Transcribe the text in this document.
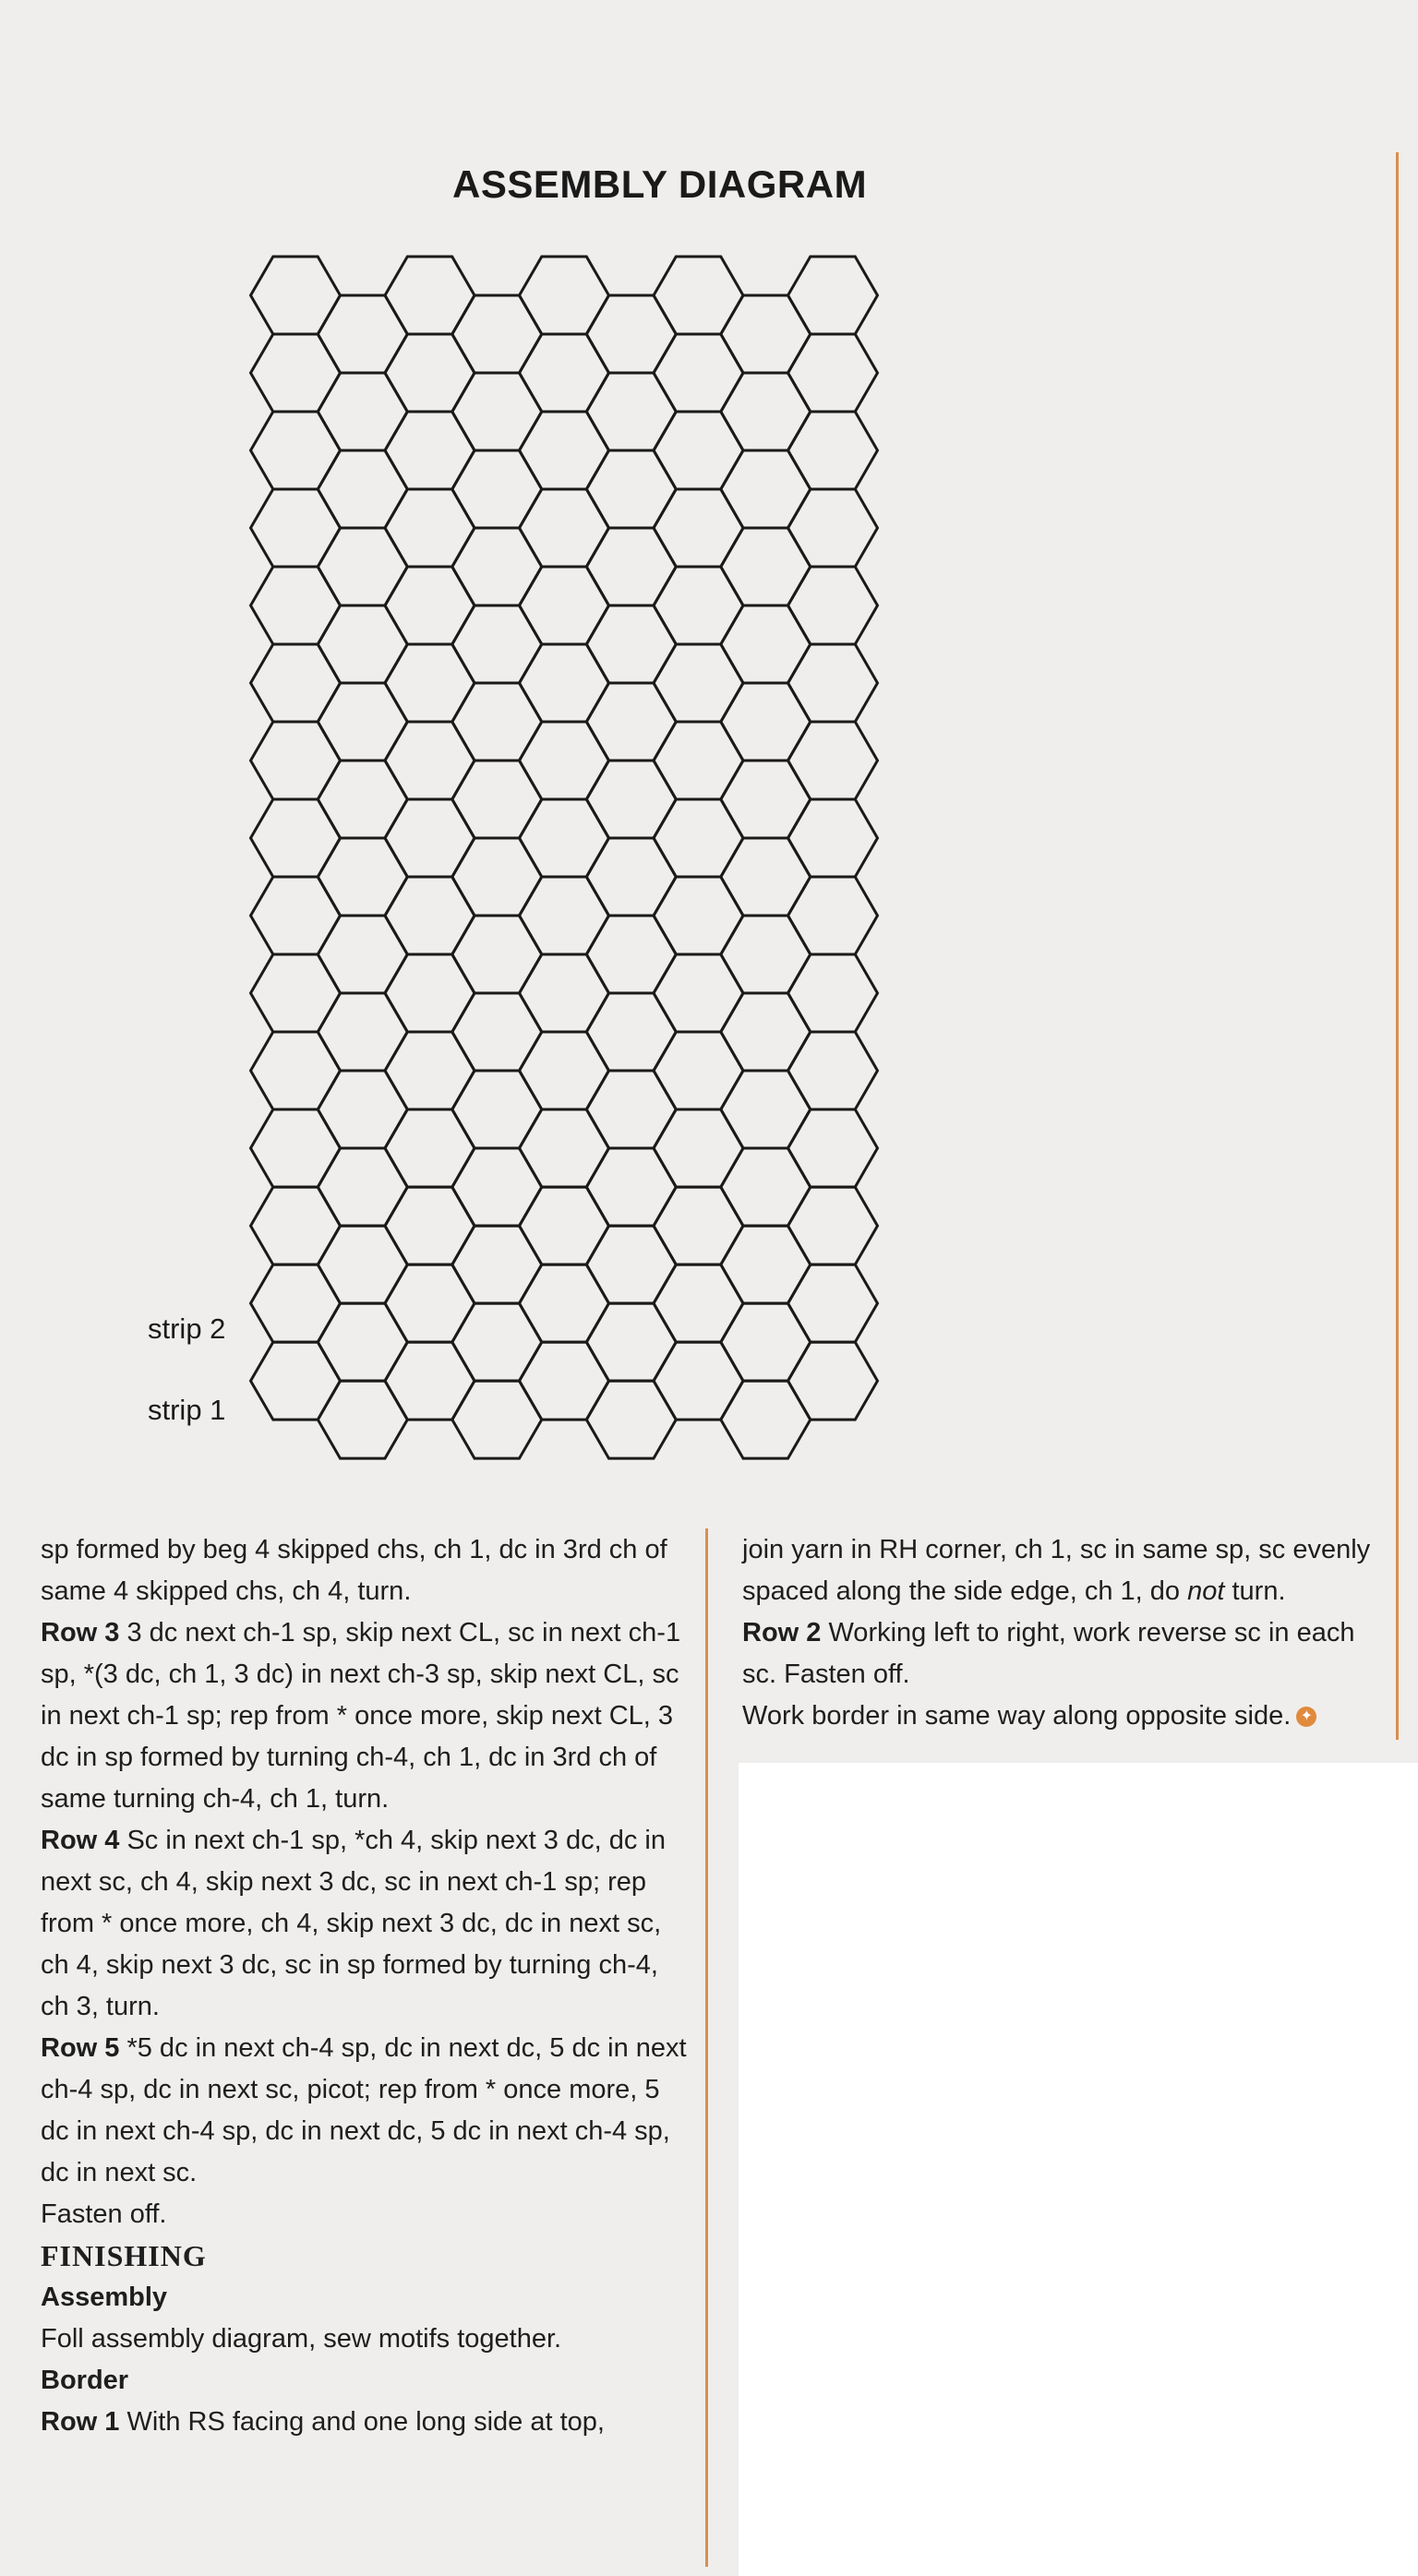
ASSEMBLY DIAGRAM
strip 2
strip 1

sp formed by beg 4 skipped chs, ch 1, dc in 3rd ch of same 4 skipped chs, ch 4, turn.

Row 3 3 dc next ch-1 sp, skip next CL, sc in next ch-1 sp, *(3 dc, ch 1, 3 dc) in next ch-3 sp, skip next CL, sc in next ch-1 sp; rep from * once more, skip next CL, 3 dc in sp formed by turning ch-4, ch 1, dc in 3rd ch of same turning ch-4, ch 1, turn.

Row 4 Sc in next ch-1 sp, *ch 4, skip next 3 dc, dc in next sc, ch 4, skip next 3 dc, sc in next ch-1 sp; rep from * once more, ch 4, skip next 3 dc, dc in next sc, ch 4, skip next 3 dc, sc in sp formed by turning ch-4, ch 3, turn.

Row 5 *5 dc in next ch-4 sp, dc in next dc, 5 dc in next ch-4 sp, dc in next sc, picot; rep from * once more, 5 dc in next ch-4 sp, dc in next dc, 5 dc in next ch-4 sp, dc in next sc.

Fasten off.

FINISHING

Assembly

Foll assembly diagram, sew motifs together.

Border

Row 1 With RS facing and one long side at top,

join yarn in RH corner, ch 1, sc in same sp, sc evenly spaced along the side edge, ch 1, do not turn.

Row 2 Working left to right, work reverse sc in each sc. Fasten off.

Work border in same way along opposite side. ✦
